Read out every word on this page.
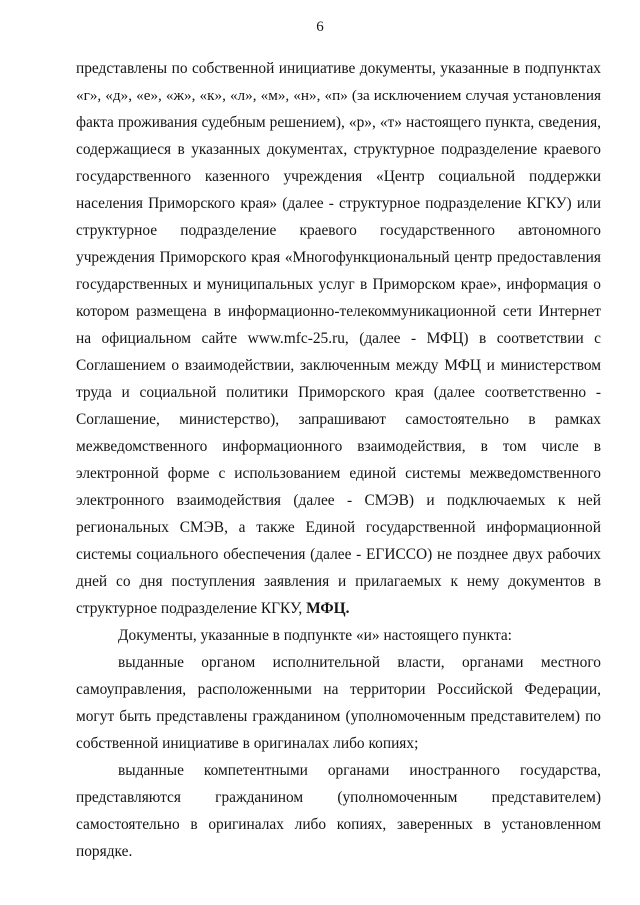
6
представлены по собственной инициативе документы, указанные в подпунктах
«г», «д», «е», «ж», «к», «л», «м», «н», «п» (за исключением случая установления
факта проживания судебным решением), «р», «т» настоящего пункта, сведения,
содержащиеся в указанных документах, структурное подразделение краевого
государственного казенного учреждения «Центр социальной поддержки
населения Приморского края» (далее - структурное подразделение КГКУ) или
структурное подразделение краевого государственного автономного
учреждения Приморского края «Многофункциональный центр предоставления
государственных и муниципальных услуг в Приморском крае», информация о
котором размещена в информационно-телекоммуникационной сети Интернет
на официальном сайте www.mfc-25.ru, (далее - МФЦ) в соответствии с
Соглашением о взаимодействии, заключенным между МФЦ и министерством
труда и социальной политики Приморского края (далее соответственно -
Соглашение, министерство), запрашивают самостоятельно в рамках
межведомственного информационного взаимодействия, в том числе в
электронной форме с использованием единой системы межведомственного
электронного взаимодействия (далее - СМЭВ) и подключаемых к ней
региональных СМЭВ, а также Единой государственной информационной
системы социального обеспечения (далее - ЕГИССО) не позднее двух рабочих
дней со дня поступления заявления и прилагаемых к нему документов в
структурное подразделение КГКУ, МФЦ.
Документы, указанные в подпункте «и» настоящего пункта:
выданные органом исполнительной власти, органами местного
самоуправления, расположенными на территории Российской Федерации,
могут быть представлены гражданином (уполномоченным представителем) по
собственной инициативе в оригиналах либо копиях;
выданные компетентными органами иностранного государства,
представляются гражданином (уполномоченным представителем)
самостоятельно в оригиналах либо копиях, заверенных в установленном
порядке.
